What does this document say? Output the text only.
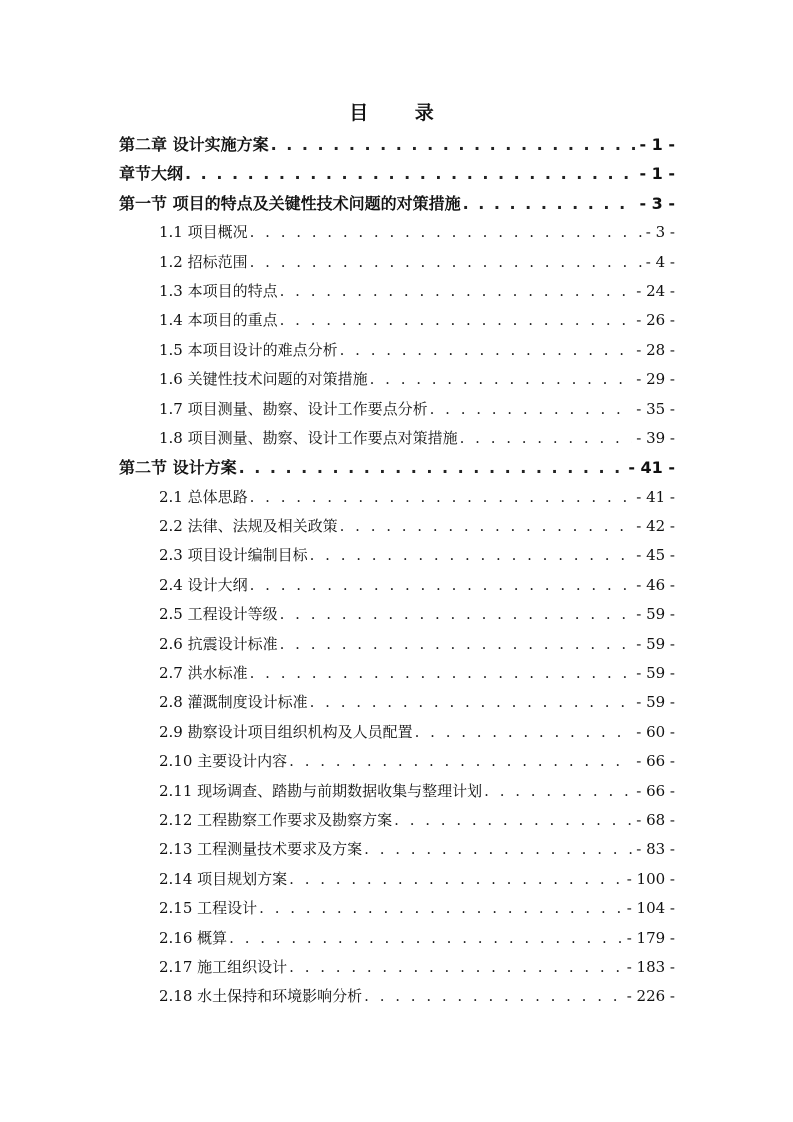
目 录
第二章 设计实施方案 . . .	- 1 -
章节大纲 . . .	- 1 -
第一节 项目的特点及关键性技术问题的对策措施 . . .	- 3 -
1.1 项目概况 . . .	- 3 -
1.2 招标范围 . . .	- 4 -
1.3 本项目的特点 . . .	- 24 -
1.4 本项目的重点 . . .	- 26 -
1.5 本项目设计的难点分析 . . .	- 28 -
1.6 关键性技术问题的对策措施 . . .	- 29 -
1.7 项目测量、勘察、设计工作要点分析 . . .	- 35 -
1.8 项目测量、勘察、设计工作要点对策措施 . . .	- 39 -
第二节 设计方案 . . .	- 41 -
2.1 总体思路 . . .	- 41 -
2.2 法律、法规及相关政策 . . .	- 42 -
2.3 项目设计编制目标 . . .	- 45 -
2.4 设计大纲 . . .	- 46 -
2.5 工程设计等级 . . .	- 59 -
2.6 抗震设计标准 . . .	- 59 -
2.7 洪水标准 . . .	- 59 -
2.8 灌溉制度设计标准 . . .	- 59 -
2.9 勘察设计项目组织机构及人员配置 . . .	- 60 -
2.10 主要设计内容 . . .	- 66 -
2.11 现场调查、踏勘与前期数据收集与整理计划 . . .	- 66 -
2.12 工程勘察工作要求及勘察方案 . . .	- 68 -
2.13 工程测量技术要求及方案 . . .	- 83 -
2.14 项目规划方案 . . .	- 100 -
2.15 工程设计 . . .	- 104 -
2.16 概算 . . .	- 179 -
2.17 施工组织设计 . . .	- 183 -
2.18 水土保持和环境影响分析 . . .	- 226 -
